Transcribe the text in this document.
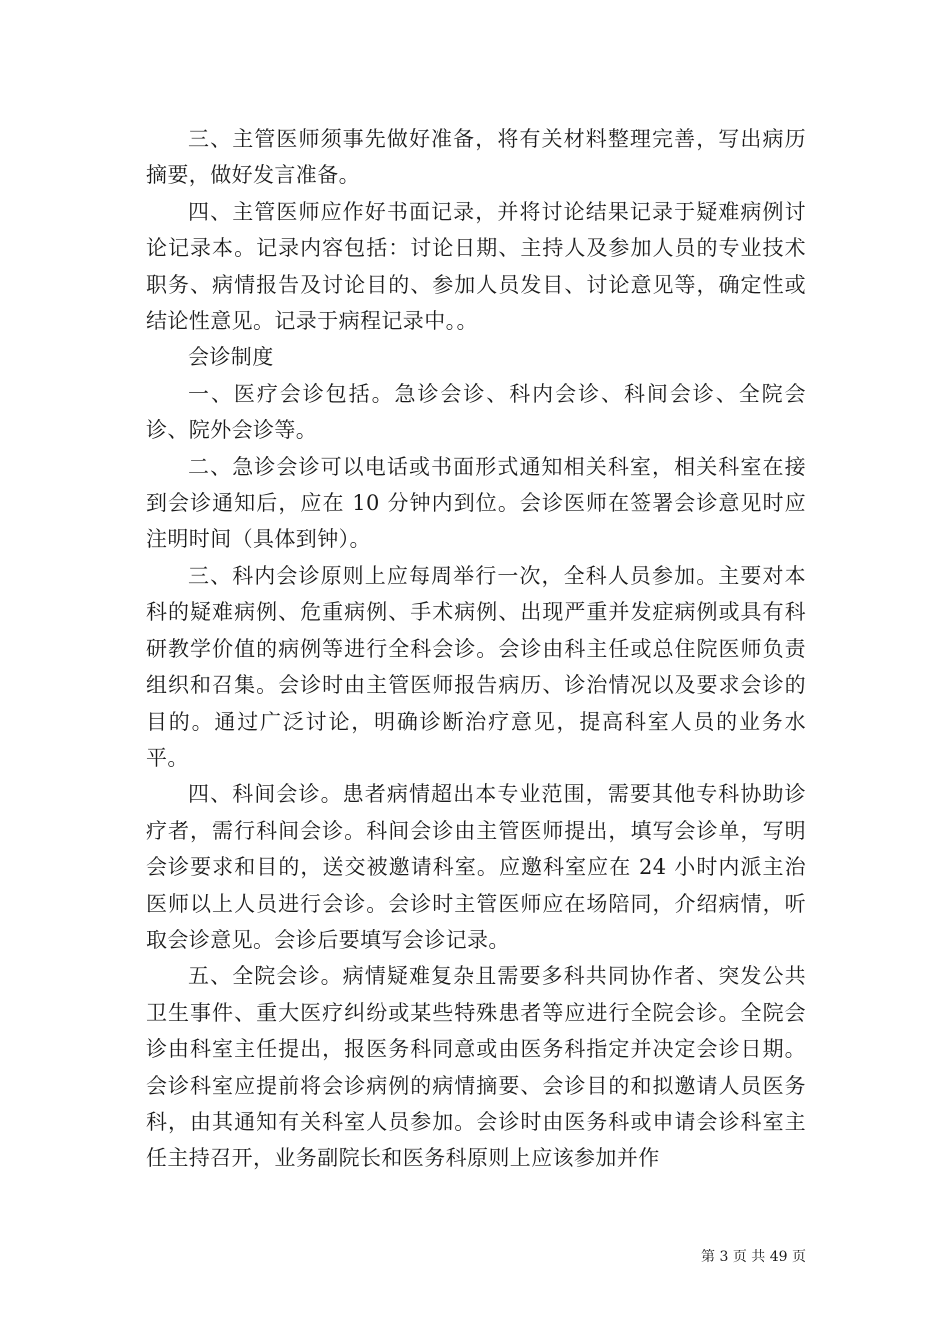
三、主管医师须事先做好准备，将有关材料整理完善，写出病历摘要，做好发言准备。

四、主管医师应作好书面记录，并将讨论结果记录于疑难病例讨论记录本。记录内容包括：讨论日期、主持人及参加人员的专业技术职务、病情报告及讨论目的、参加人员发目、讨论意见等，确定性或结论性意见。记录于病程记录中。。

会诊制度

一、医疗会诊包括。急诊会诊、科内会诊、科间会诊、全院会诊、院外会诊等。

二、急诊会诊可以电话或书面形式通知相关科室，相关科室在接到会诊通知后，应在 10 分钟内到位。会诊医师在签署会诊意见时应注明时间（具体到钟）。

三、科内会诊原则上应每周举行一次，全科人员参加。主要对本科的疑难病例、危重病例、手术病例、出现严重并发症病例或具有科研教学价值的病例等进行全科会诊。会诊由科主任或总住院医师负责组织和召集。会诊时由主管医师报告病历、诊治情况以及要求会诊的目的。通过广泛讨论，明确诊断治疗意见，提高科室人员的业务水平。

四、科间会诊。患者病情超出本专业范围，需要其他专科协助诊疗者，需行科间会诊。科间会诊由主管医师提出，填写会诊单，写明会诊要求和目的，送交被邀请科室。应邀科室应在 24 小时内派主治医师以上人员进行会诊。会诊时主管医师应在场陪同，介绍病情，听取会诊意见。会诊后要填写会诊记录。

五、全院会诊。病情疑难复杂且需要多科共同协作者、突发公共卫生事件、重大医疗纠纷或某些特殊患者等应进行全院会诊。全院会诊由科室主任提出，报医务科同意或由医务科指定并决定会诊日期。会诊科室应提前将会诊病例的病情摘要、会诊目的和拟邀请人员医务科，由其通知有关科室人员参加。会诊时由医务科或申请会诊科室主任主持召开，业务副院长和医务科原则上应该参加并作

第 3 页 共 49 页
